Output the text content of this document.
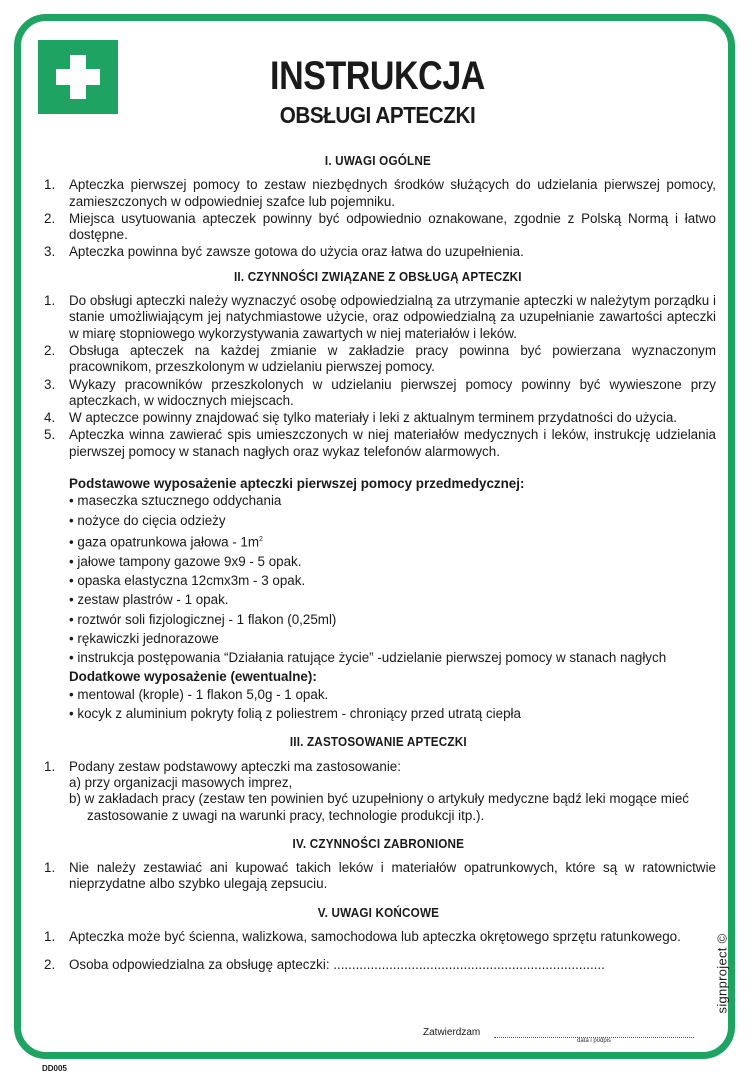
INSTRUKCJA
OBSŁUGI APTECZKI
I. UWAGI OGÓLNE
1. Apteczka pierwszej pomocy to zestaw niezbędnych środków służących do udzielania pierwszej pomocy, zamieszczonych w odpowiedniej szafce lub pojemniku.
2. Miejsca usytuowania apteczek powinny być odpowiednio oznakowane, zgodnie z Polską Normą i łatwo dostępne.
3. Apteczka powinna być zawsze gotowa do użycia oraz łatwa do uzupełnienia.
II. CZYNNOŚCI ZWIĄZANE Z OBSŁUGĄ APTECZKI
1. Do obsługi apteczki należy wyznaczyć osobę odpowiedzialną za utrzymanie apteczki w należytym porządku i stanie umożliwiającym jej natychmiastowe użycie, oraz odpowiedzialną za uzupełnianie zawartości apteczki w miarę stopniowego wykorzystywania zawartych w niej materiałów i leków.
2. Obsługa apteczek na każdej zmianie w zakładzie pracy powinna być powierzana wyznaczonym pracownikom, przeszkolonym w udzielaniu pierwszej pomocy.
3. Wykazy pracowników przeszkolonych w udzielaniu pierwszej pomocy powinny być wywieszone przy apteczkach, w widocznych miejscach.
4. W apteczce powinny znajdować się tylko materiały i leki z aktualnym terminem przydatności do użycia.
5. Apteczka winna zawierać spis umieszczonych w niej materiałów medycznych i leków, instrukcję udzielania pierwszej pomocy w stanach nagłych oraz wykaz telefonów alarmowych.
Podstawowe wyposażenie apteczki pierwszej pomocy przedmedycznej:
• maseczka sztucznego oddychania
• nożyce do cięcia odzieży
• gaza opatrunkowa jałowa - $1m^2$
• jałowe tampony gazowe 9x9 - 5 opak.
• opaska elastyczna 12cmx3m - 3 opak.
• zestaw plastrów - 1 opak.
• roztwór soli fizjologicznej - 1 flakon (0,25ml)
• rękawiczki jednorazowe
• instrukcja postępowania “Działania ratujące życie” -udzielanie pierwszej pomocy w stanach nagłych
Dodatkowe wyposażenie (ewentualne):
• mentowal (krople) - 1 flakon 5,0g - 1 opak.
• kocyk z aluminium pokryty folią z poliestrem - chroniący przed utratą ciepła
III. ZASTOSOWANIE APTECZKI
1. Podany zestaw podstawowy apteczki ma zastosowanie:
a) przy organizacji masowych imprez,
b) w zakładach pracy (zestaw ten powinien być uzupełniony o artykuły medyczne bądź leki mogące mieć
zastosowanie z uwagi na warunki pracy, technologie produkcji itp.).
IV. CZYNNOŚCI ZABRONIONE
1. Nie należy zestawiać ani kupować takich leków i materiałów opatrunkowych, które są w ratownictwie nieprzydatne albo szybko ulegają zepsuciu.
V. UWAGI KOŃCOWE
1. Apteczka może być ścienna, walizkowa, samochodowa lub apteczka okrętowego sprzętu ratunkowego.
2. Osoba odpowiedzialna za obsługę apteczki: .........................................................................
Zatwierdzam
data i podpis
signproject ©
DD005
